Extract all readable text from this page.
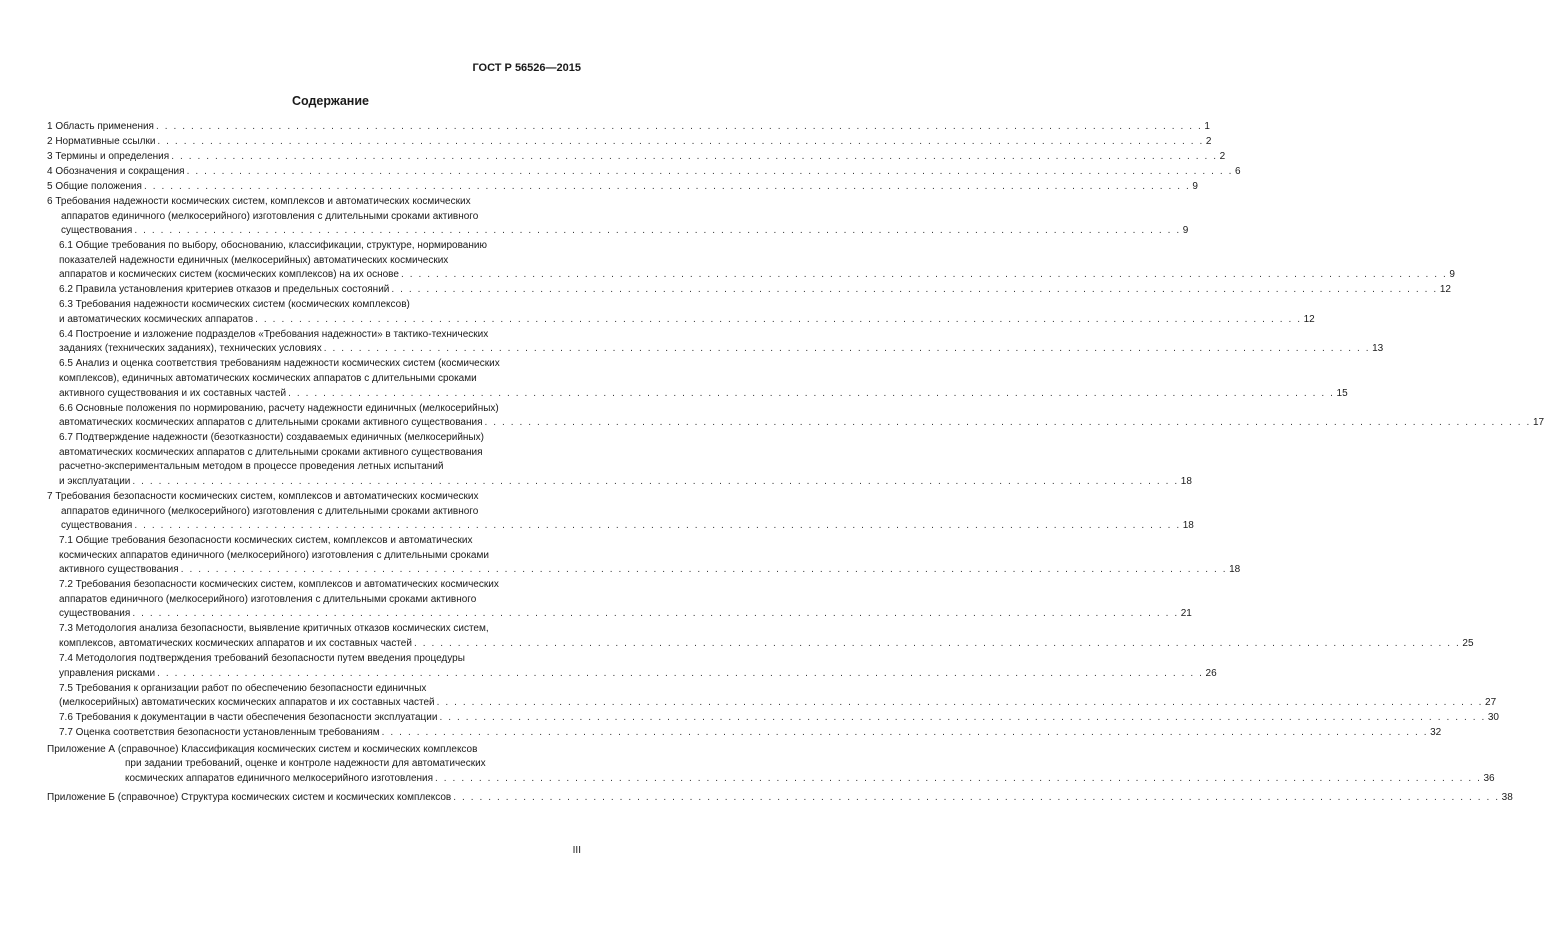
ГОСТ Р 56526—2015
Содержание
1 Область применения . . . . . . . . . . . . . . . . . . . . . . . . . . . . . . . . . . . . . . . . . . . . . . . . . . . . . . . . . . . . . . . . . . . . . . . . . . . . . . . . . . . . . . . . . . . . . . . . . . . . . . . . . . . . . . . . . . . . . . . . 1
2 Нормативные ссылки . . . . . . . . . . . . . . . . . . . . . . . . . . . . . . . . . . . . . . . . . . . . . . . . . . . . . . . . . . . . . . . . . . . . . . . . . . . . . . . . . . . . . . . . . . . . . . . . . . . . . . . . . . . . . . . . . . . . . . . . 2
3 Термины и определения . . . . . . . . . . . . . . . . . . . . . . . . . . . . . . . . . . . . . . . . . . . . . . . . . . . . . . . . . . . . . . . . . . . . . . . . . . . . . . . . . . . . . . . . . . . . . . . . . . . . . . . . . . . . . . . . . . . . . . . . 2
4 Обозначения и сокращения . . . . . . . . . . . . . . . . . . . . . . . . . . . . . . . . . . . . . . . . . . . . . . . . . . . . . . . . . . . . . . . . . . . . . . . . . . . . . . . . . . . . . . . . . . . . . . . . . . . . . . . . . . . . . . . . . . . . . . . . 6
5 Общие положения . . . . . . . . . . . . . . . . . . . . . . . . . . . . . . . . . . . . . . . . . . . . . . . . . . . . . . . . . . . . . . . . . . . . . . . . . . . . . . . . . . . . . . . . . . . . . . . . . . . . . . . . . . . . . . . . . . . . . . . . 9
6 Требования надежности космических систем, комплексов и автоматических космических
аппаратов единичного (мелкосерийного) изготовления с длительными сроками активного
существования . . . . . . . . . . . . . . . . . . . . . . . . . . . . . . . . . . . . . . . . . . . . . . . . . . . . . . . . . . . . . . . . . . . . . . . . . . . . . . . . . . . . . . . . . . . . . . . . . . . . . . . . . . . . . . . . . . . . . . . . 9
6.1 Общие требования по выбору, обоснованию, классификации, структуре, нормированию
показателей надежности единичных (мелкосерийных) автоматических космических
аппаратов и космических систем (космических комплексов) на их основе . . . . . . . . . . . . . . . . . . . . . . . . . . . . . . . . . . . . . . . . . . . . . . . . . . . . . . . . . . . . . . . . . . . . . . . . . . . . . . . . . . . . . . . . . . . . . . . . . . . . . . . . . . . . . . . . . . . . . . . . 9
6.2 Правила установления критериев отказов и предельных состояний . . . . . . . . . . . . . . . . . . . . . . . . . . . . . . . . . . . . . . . . . . . . . . . . . . . . . . . . . . . . . . . . . . . . . . . . . . . . . . . . . . . . . . . . . . . . . . . . . . . . . . . . . . . . . . . . . . . . . . . . 12
6.3 Требования надежности космических систем (космических комплексов)
и автоматических космических аппаратов . . . . . . . . . . . . . . . . . . . . . . . . . . . . . . . . . . . . . . . . . . . . . . . . . . . . . . . . . . . . . . . . . . . . . . . . . . . . . . . . . . . . . . . . . . . . . . . . . . . . . . . . . . . . . . . . . . . . . . . . 12
6.4 Построение и изложение подразделов «Требования надежности» в тактико-технических
заданиях (технических заданиях), технических условиях . . . . . . . . . . . . . . . . . . . . . . . . . . . . . . . . . . . . . . . . . . . . . . . . . . . . . . . . . . . . . . . . . . . . . . . . . . . . . . . . . . . . . . . . . . . . . . . . . . . . . . . . . . . . . . . . . . . . . . . . 13
6.5 Анализ и оценка соответствия требованиям надежности космических систем (космических
комплексов), единичных автоматических космических аппаратов с длительными сроками
активного существования и их составных частей . . . . . . . . . . . . . . . . . . . . . . . . . . . . . . . . . . . . . . . . . . . . . . . . . . . . . . . . . . . . . . . . . . . . . . . . . . . . . . . . . . . . . . . . . . . . . . . . . . . . . . . . . . . . . . . . . . . . . . . . 15
6.6 Основные положения по нормированию, расчету надежности единичных (мелкосерийных)
автоматических космических аппаратов с длительными сроками активного существования . . . . . . . . . . . . . . . . . . . . . . . . . . . . . . . . . . . . . . . . . . . . . . . . . . . . . . . . . . . . . . . . . . . . . . . . . . . . . . . . . . . . . . . . . . . . . . . . . . . . . . . . . . . . . . . . . . . . . . . . 17
6.7 Подтверждение надежности (безотказности) создаваемых единичных (мелкосерийных)
автоматических космических аппаратов с длительными сроками активного существования
расчетно-экспериментальным методом в процессе проведения летных испытаний
и эксплуатации . . . . . . . . . . . . . . . . . . . . . . . . . . . . . . . . . . . . . . . . . . . . . . . . . . . . . . . . . . . . . . . . . . . . . . . . . . . . . . . . . . . . . . . . . . . . . . . . . . . . . . . . . . . . . . . . . . . . . . . . 18
7 Требования безопасности космических систем, комплексов и автоматических космических
аппаратов единичного (мелкосерийного) изготовления с длительными сроками активного
существования . . . . . . . . . . . . . . . . . . . . . . . . . . . . . . . . . . . . . . . . . . . . . . . . . . . . . . . . . . . . . . . . . . . . . . . . . . . . . . . . . . . . . . . . . . . . . . . . . . . . . . . . . . . . . . . . . . . . . . . . 18
7.1 Общие требования безопасности космических систем, комплексов и автоматических
космических аппаратов единичного (мелкосерийного) изготовления с длительными сроками
активного существования . . . . . . . . . . . . . . . . . . . . . . . . . . . . . . . . . . . . . . . . . . . . . . . . . . . . . . . . . . . . . . . . . . . . . . . . . . . . . . . . . . . . . . . . . . . . . . . . . . . . . . . . . . . . . . . . . . . . . . . . 18
7.2 Требования безопасности космических систем, комплексов и автоматических космических
аппаратов единичного (мелкосерийного) изготовления с длительными сроками активного
существования . . . . . . . . . . . . . . . . . . . . . . . . . . . . . . . . . . . . . . . . . . . . . . . . . . . . . . . . . . . . . . . . . . . . . . . . . . . . . . . . . . . . . . . . . . . . . . . . . . . . . . . . . . . . . . . . . . . . . . . . 21
7.3 Методология анализа безопасности, выявление критичных отказов космических систем,
комплексов, автоматических космических аппаратов и их составных частей . . . . . . . . . . . . . . . . . . . . . . . . . . . . . . . . . . . . . . . . . . . . . . . . . . . . . . . . . . . . . . . . . . . . . . . . . . . . . . . . . . . . . . . . . . . . . . . . . . . . . . . . . . . . . . . . . . . . . . . . 25
7.4 Методология подтверждения требований безопасности путем введения процедуры
управления рисками . . . . . . . . . . . . . . . . . . . . . . . . . . . . . . . . . . . . . . . . . . . . . . . . . . . . . . . . . . . . . . . . . . . . . . . . . . . . . . . . . . . . . . . . . . . . . . . . . . . . . . . . . . . . . . . . . . . . . . . . 26
7.5 Требования к организации работ по обеспечению безопасности единичных
(мелкосерийных) автоматических космических аппаратов и их составных частей . . . . . . . . . . . . . . . . . . . . . . . . . . . . . . . . . . . . . . . . . . . . . . . . . . . . . . . . . . . . . . . . . . . . . . . . . . . . . . . . . . . . . . . . . . . . . . . . . . . . . . . . . . . . . . . . . . . . . . . . 27
7.6 Требования к документации в части обеспечения безопасности эксплуатации . . . . . . . . . . . . . . . . . . . . . . . . . . . . . . . . . . . . . . . . . . . . . . . . . . . . . . . . . . . . . . . . . . . . . . . . . . . . . . . . . . . . . . . . . . . . . . . . . . . . . . . . . . . . . . . . . . . . . . . . 30
7.7 Оценка соответствия безопасности установленным требованиям . . . . . . . . . . . . . . . . . . . . . . . . . . . . . . . . . . . . . . . . . . . . . . . . . . . . . . . . . . . . . . . . . . . . . . . . . . . . . . . . . . . . . . . . . . . . . . . . . . . . . . . . . . . . . . . . . . . . . . . . 32
Приложение А (справочное) Классификация космических систем и космических комплексов
при задании требований, оценке и контроле надежности для автоматических
космических аппаратов единичного мелкосерийного изготовления . . . . . . . . . . . . . . . . . . . . . . . . . . . . . . . . . . . . . . . . . . . . . . . . . . . . . . . . . . . . . . . . . . . . . . . . . . . . . . . . . . . . . . . . . . . . . . . . . . . . . . . . . . . . . . . . . . . . . . . . 36
Приложение Б (справочное) Структура космических систем и космических комплексов . . . . . . . . . . . . . . . . . . . . . . . . . . . . . . . . . . . . . . . . . . . . . . . . . . . . . . . . . . . . . . . . . . . . . . . . . . . . . . . . . . . . . . . . . . . . . . . . . . . . . . . . . . . . . . . . . . . . . . . . 38
III
